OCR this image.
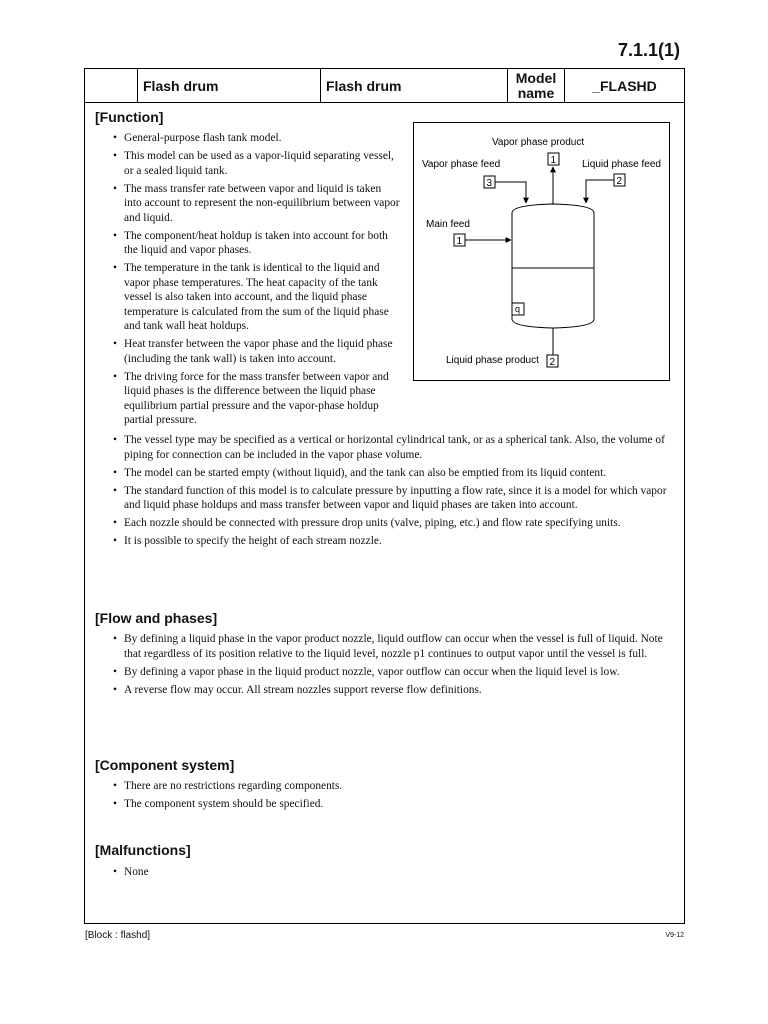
7.1.1(1)
Flash drum	Flash drum	Model name	_FLASHD
[Function]
• General-purpose flash tank model.
• This model can be used as a vapor-liquid separating vessel, or a sealed liquid tank.
• The mass transfer rate between vapor and liquid is taken into account to represent the non-equilibrium between vapor and liquid.
• The component/heat holdup is taken into account for both the liquid and vapor phases.
• The temperature in the tank is identical to the liquid and vapor phase temperatures. The heat capacity of the tank vessel is also taken into account, and the liquid phase temperature is calculated from the sum of the liquid phase and tank wall heat holdups.
• Heat transfer between the vapor phase and the liquid phase (including the tank wall) is taken into account.
• The driving force for the mass transfer between vapor and liquid phases is the difference between the liquid phase equilibrium partial pressure and the vapor-phase holdup partial pressure.
• The vessel type may be specified as a vertical or horizontal cylindrical tank, or as a spherical tank. Also, the volume of piping for connection can be included in the vapor phase volume.
• The model can be started empty (without liquid), and the tank can also be emptied from its liquid content.
• The standard function of this model is to calculate pressure by inputting a flow rate, since it is a model for which vapor and liquid phase holdups and mass transfer between vapor and liquid phases are taken into account.
• Each nozzle should be connected with pressure drop units (valve, piping, etc.) and flow rate specifying units.
• It is possible to specify the height of each stream nozzle.
Vapor phase product
1
Vapor phase feed
3
Liquid phase feed
2
Main feed
1
q
Liquid phase product 2
[Flow and phases]
• By defining a liquid phase in the vapor product nozzle, liquid outflow can occur when the vessel is full of liquid. Note that regardless of its position relative to the liquid level, nozzle p1 continues to output vapor until the vessel is full.
• By defining a vapor phase in the liquid product nozzle, vapor outflow can occur when the liquid level is low.
• A reverse flow may occur. All stream nozzles support reverse flow definitions.
[Component system]
• There are no restrictions regarding components.
• The component system should be specified.
[Malfunctions]
• None
[Block : flashd]	V9-12
